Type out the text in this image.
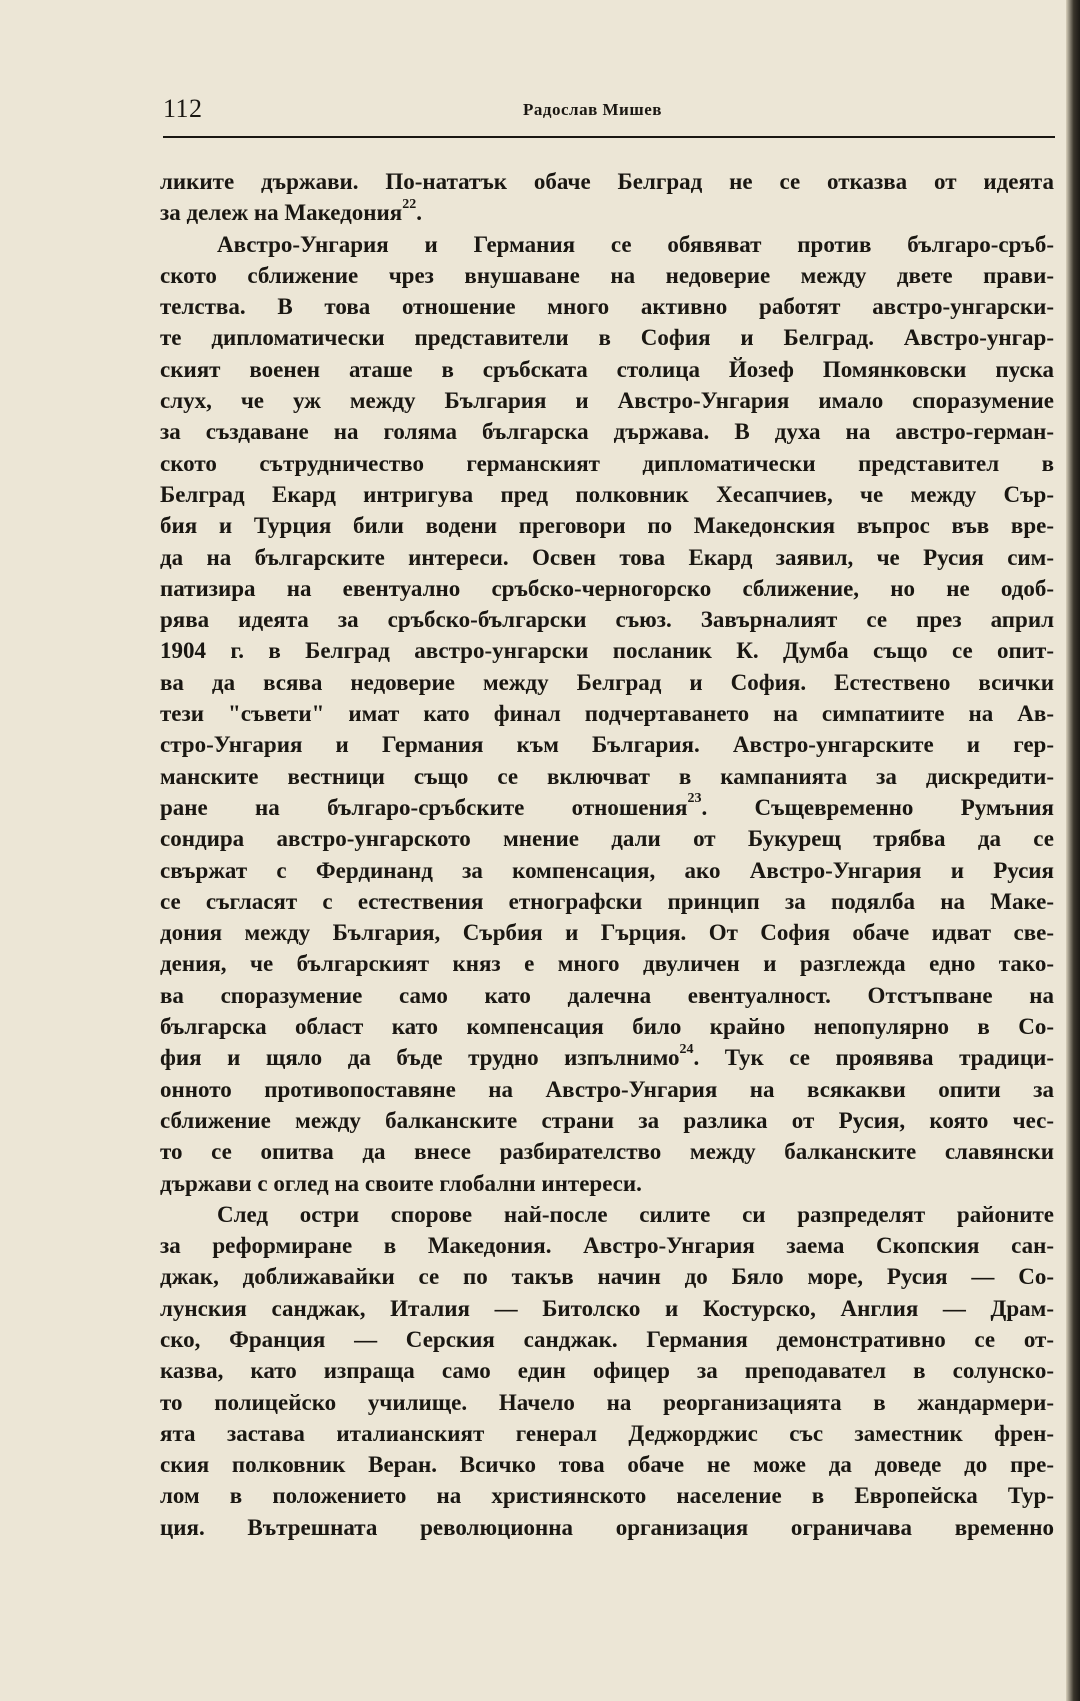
112	Радослав Мишев
ликите държави. По-нататък обаче Белград не се отказва от идеята
за дележ на Македония$^{22}$.
Австро-Унгария и Германия се обявяват против българо-сръб-
ското сближение чрез внушаване на недоверие между двете прави-
телства. В това отношение много активно работят австро-унгарски-
те дипломатически представители в София и Белград. Австро-унгар-
ският военен аташе в сръбската столица Йозеф Помянковски пуска
слух, че уж между България и Австро-Унгария имало споразумение
за създаване на голяма българска държава. В духа на австро-герман-
ското сътрудничество германският дипломатически представител в
Белград Екард интригува пред полковник Хесапчиев, че между Сър-
бия и Турция били водени преговори по Македонския въпрос във вре-
да на българските интереси. Освен това Екард заявил, че Русия сим-
патизира на евентуално сръбско-черногорско сближение, но не одоб-
рява идеята за сръбско-български съюз. Завърналият се през април
1904 г. в Белград австро-унгарски посланик К. Думба също се опит-
ва да всява недоверие между Белград и София. Естествено всички
тези "съвети" имат като финал подчертаването на симпатиите на Ав-
стро-Унгария и Германия към България. Австро-унгарските и гер-
манските вестници също се включват в кампанията за дискредити-
ране на българо-сръбските отношения$^{23}$. Същевременно Румъния
сондира австро-унгарското мнение дали от Букурещ трябва да се
свържат с Фердинанд за компенсация, ако Австро-Унгария и Русия
се съгласят с естествения етнографски принцип за подялба на Маке-
дония между България, Сърбия и Гърция. От София обаче идват све-
дения, че българският княз е много двуличен и разглежда едно тако-
ва споразумение само като далечна евентуалност. Отстъпване на
българска област като компенсация било крайно непопулярно в Со-
фия и щяло да бъде трудно изпълнимо$^{24}$. Тук се проявява традици-
онното противопоставяне на Австро-Унгария на всякакви опити за
сближение между балканските страни за разлика от Русия, която чес-
то се опитва да внесе разбирателство между балканските славянски
държави с оглед на своите глобални интереси.
След остри спорове най-после силите си разпределят районите
за реформиране в Македония. Австро-Унгария заема Скопския сан-
джак, доближавайки се по такъв начин до Бяло море, Русия — Со-
лунския санджак, Италия — Битолско и Костурско, Англия — Драм-
ско, Франция — Серския санджак. Германия демонстративно се от-
казва, като изпраща само един офицер за преподавател в солунско-
то полицейско училище. Начело на реорганизацията в жандармери-
ята застава италианският генерал Деджорджис със заместник френ-
ския полковник Веран. Всичко това обаче не може да доведе до пре-
лом в положението на християнското население в Европейска Тур-
ция. Вътрешната революционна организация ограничава временно
